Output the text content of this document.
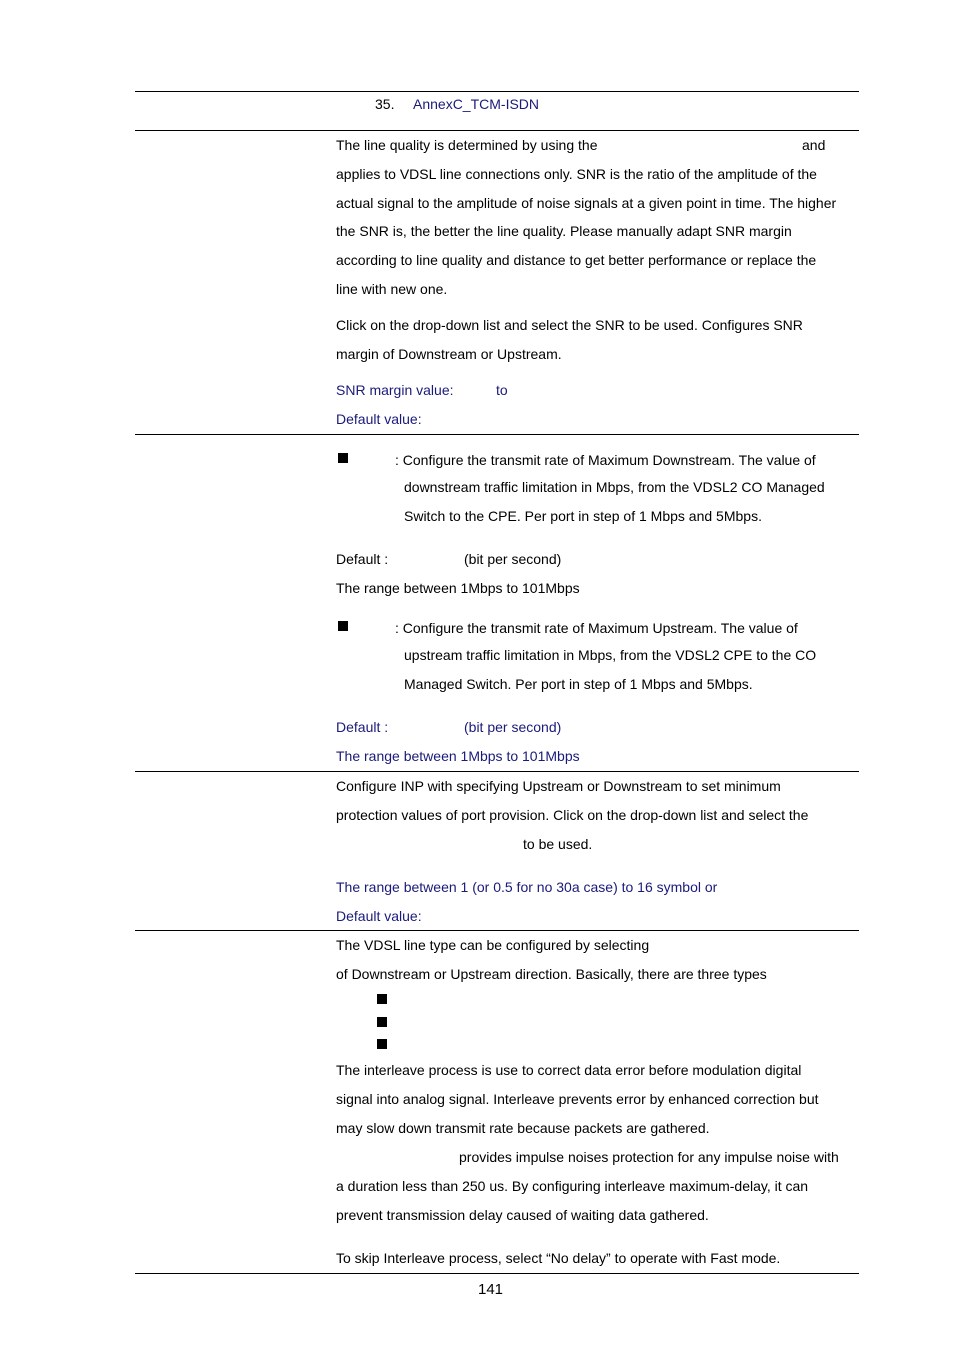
35. AnnexC_TCM-ISDN
The line quality is determined by using the	and
applies to VDSL line connections only. SNR is the ratio of the amplitude of the
actual signal to the amplitude of noise signals at a given point in time. The higher
the SNR is, the better the line quality. Please manually adapt SNR margin
according to line quality and distance to get better performance or replace the
line with new one.
Click on the drop-down list and select the SNR to be used. Configures SNR
margin of Downstream or Upstream.
SNR margin value:	to
Default value:
: Configure the transmit rate of Maximum Downstream. The value of
downstream traffic limitation in Mbps, from the VDSL2 CO Managed
Switch to the CPE. Per port in step of 1 Mbps and 5Mbps.
Default :	(bit per second)
The range between 1Mbps to 101Mbps
: Configure the transmit rate of Maximum Upstream. The value of
upstream traffic limitation in Mbps, from the VDSL2 CPE to the CO
Managed Switch. Per port in step of 1 Mbps and 5Mbps.
Default :	(bit per second)
The range between 1Mbps to 101Mbps
Configure INP with specifying Upstream or Downstream to set minimum
protection values of port provision. Click on the drop-down list and select the
to be used.
The range between 1 (or 0.5 for no 30a case) to 16 symbol or
Default value:
The VDSL line type can be configured by selecting
of Downstream or Upstream direction. Basically, there are three types
The interleave process is use to correct data error before modulation digital
signal into analog signal. Interleave prevents error by enhanced correction but
may slow down transmit rate because packets are gathered.
provides impulse noises protection for any impulse noise with
a duration less than 250 us. By configuring interleave maximum-delay, it can
prevent transmission delay caused of waiting data gathered.
To skip Interleave process, select “No delay” to operate with Fast mode.
141
